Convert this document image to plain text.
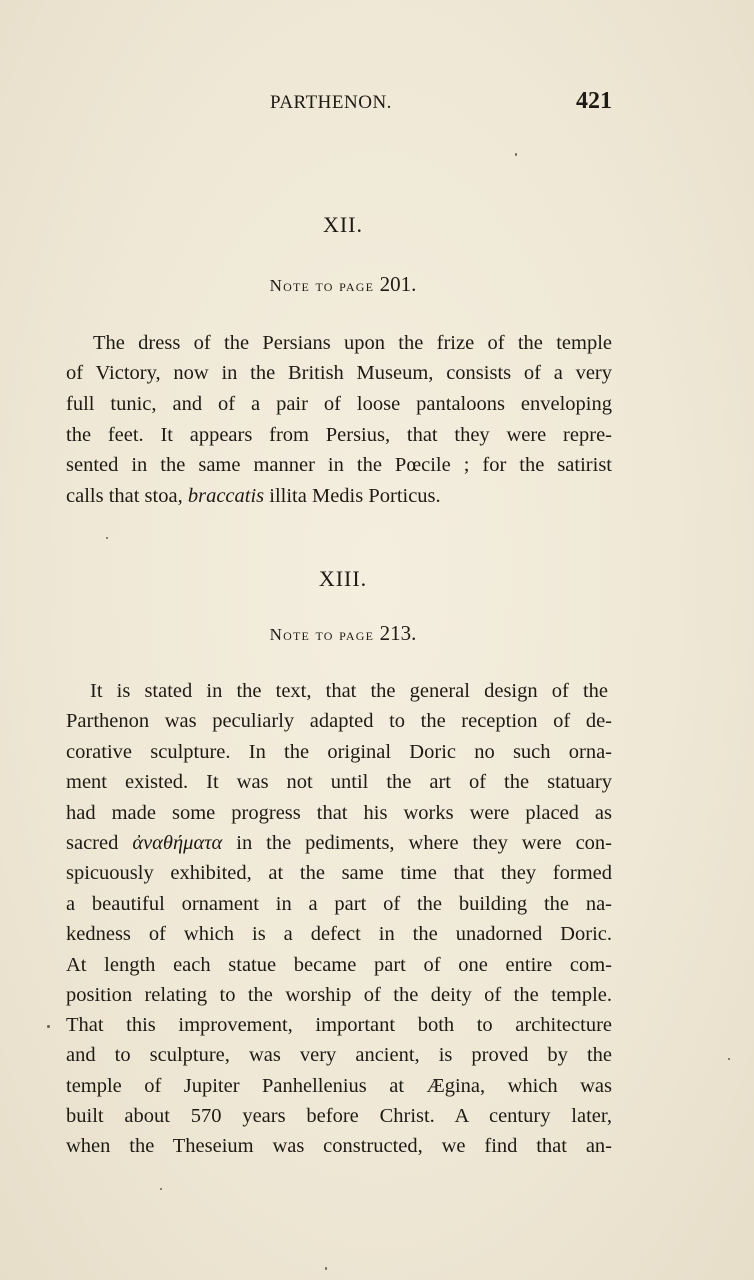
PARTHENON.	421
XII.
Note to page 201.
The dress of the Persians upon the frize of the temple
of Victory, now in the British Museum, consists of a very
full tunic, and of a pair of loose pantaloons enveloping
the feet. It appears from Persius, that they were repre-
sented in the same manner in the Pœcile ; for the satirist
calls that stoa, braccatis illita Medis Porticus.
XIII.
Note to page 213.
It is stated in the text, that the general design of the
Parthenon was peculiarly adapted to the reception of de-
corative sculpture. In the original Doric no such orna-
ment existed. It was not until the art of the statuary
had made some progress that his works were placed as
sacred ἀναθήματα in the pediments, where they were con-
spicuously exhibited, at the same time that they formed
a beautiful ornament in a part of the building the na-
kedness of which is a defect in the unadorned Doric.
At length each statue became part of one entire com-
position relating to the worship of the deity of the temple.
That this improvement, important both to architecture
and to sculpture, was very ancient, is proved by the
temple of Jupiter Panhellenius at Ægina, which was
built about 570 years before Christ. A century later,
when the Theseium was constructed, we find that an-
